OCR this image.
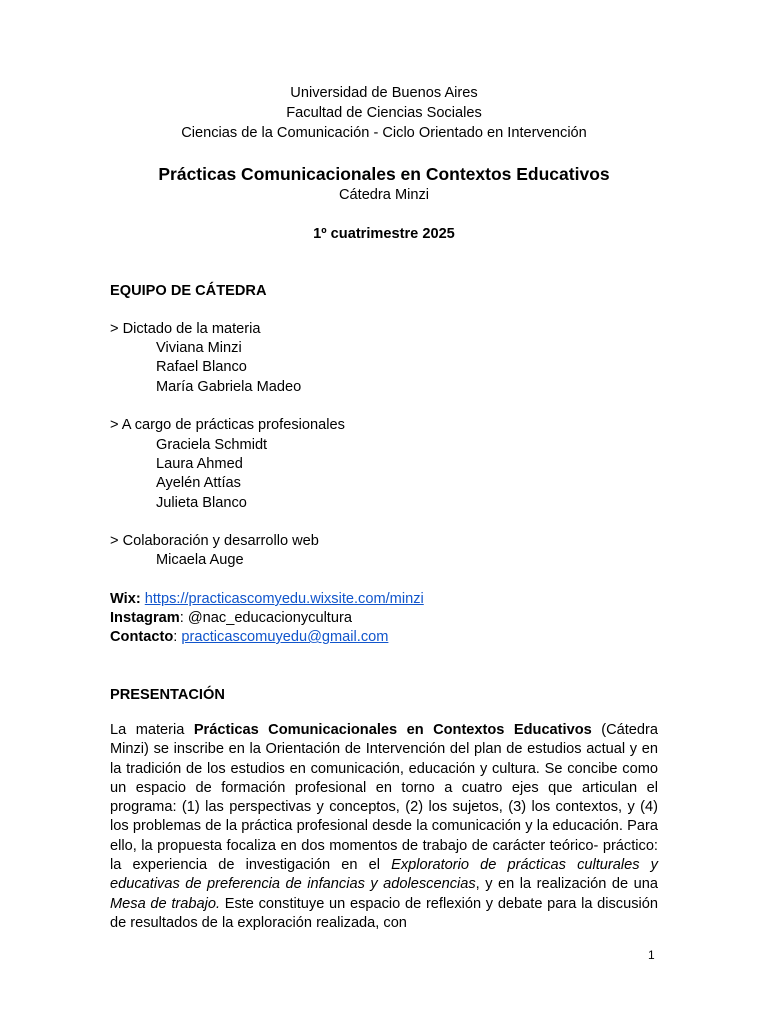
Universidad de Buenos Aires
Facultad de Ciencias Sociales
Ciencias de la Comunicación - Ciclo Orientado en Intervención
Prácticas Comunicacionales en Contextos Educativos
Cátedra Minzi
1º cuatrimestre 2025
EQUIPO DE CÁTEDRA
> Dictado de la materia
Viviana Minzi
Rafael Blanco
María Gabriela Madeo
> A cargo de prácticas profesionales
Graciela Schmidt
Laura Ahmed
Ayelén Attías
Julieta Blanco
> Colaboración y desarrollo web
Micaela Auge
Wix: https://practicascomyedu.wixsite.com/minzi
Instagram: @nac_educacionycultura
Contacto: practicascomuyedu@gmail.com
PRESENTACIÓN

La materia Prácticas Comunicacionales en Contextos Educativos (Cátedra Minzi) se inscribe en la Orientación de Intervención del plan de estudios actual y en la tradición de los estudios en comunicación, educación y cultura. Se concibe como un espacio de formación profesional en torno a cuatro ejes que articulan el programa: (1) las perspectivas y conceptos, (2) los sujetos, (3) los contextos, y (4) los problemas de la práctica profesional desde la comunicación y la educación. Para ello, la propuesta focaliza en dos momentos de trabajo de carácter teórico- práctico: la experiencia de investigación en el Exploratorio de prácticas culturales y educativas de preferencia de infancias y adolescencias, y en la realización de una Mesa de trabajo. Este constituye un espacio de reflexión y debate para la discusión de resultados de la exploración realizada, con

1
